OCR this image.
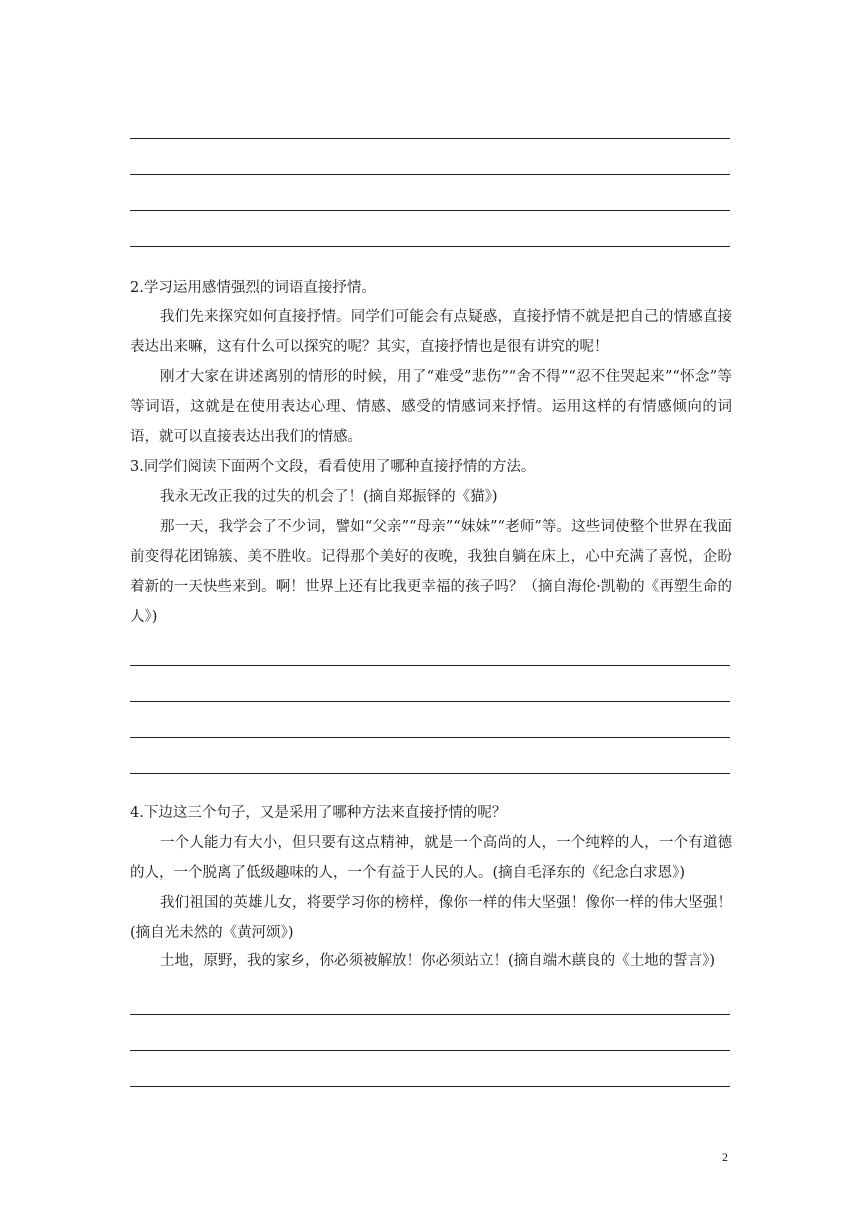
2.学习运用感情强烈的词语直接抒情。
我们先来探究如何直接抒情。同学们可能会有点疑惑，直接抒情不就是把自己的情感直接表达出来嘛，这有什么可以探究的呢？其实，直接抒情也是很有讲究的呢！
刚才大家在讲述离别的情形的时候，用了“难受”悲伤”“舍不得”“忍不住哭起来”“怀念”等等词语，这就是在使用表达心理、情感、感受的情感词来抒情。运用这样的有情感倾向的词语，就可以直接表达出我们的情感。
3.同学们阅读下面两个文段，看看使用了哪种直接抒情的方法。
我永无改正我的过失的机会了！(摘自郑振铎的《猫》)
那一天，我学会了不少词，譬如“父亲”“母亲”“妹妹”“老师”等。这些词使整个世界在我面前变得花团锦簇、美不胜收。记得那个美好的夜晚，我独自躺在床上，心中充满了喜悦，企盼着新的一天快些来到。啊！世界上还有比我更幸福的孩子吗？（摘自海伦·凯勒的《再塑生命的人》)
4.下边这三个句子，又是采用了哪种方法来直接抒情的呢？
一个人能力有大小，但只要有这点精神，就是一个高尚的人，一个纯粹的人，一个有道德的人，一个脱离了低级趣味的人，一个有益于人民的人。(摘自毛泽东的《纪念白求恩》)
我们祖国的英雄儿女，将要学习你的榜样，像你一样的伟大坚强！像你一样的伟大坚强！(摘自光未然的《黄河颂》)
土地，原野，我的家乡，你必须被解放！你必须站立！(摘自端木蕻良的《土地的誓言》)
2
